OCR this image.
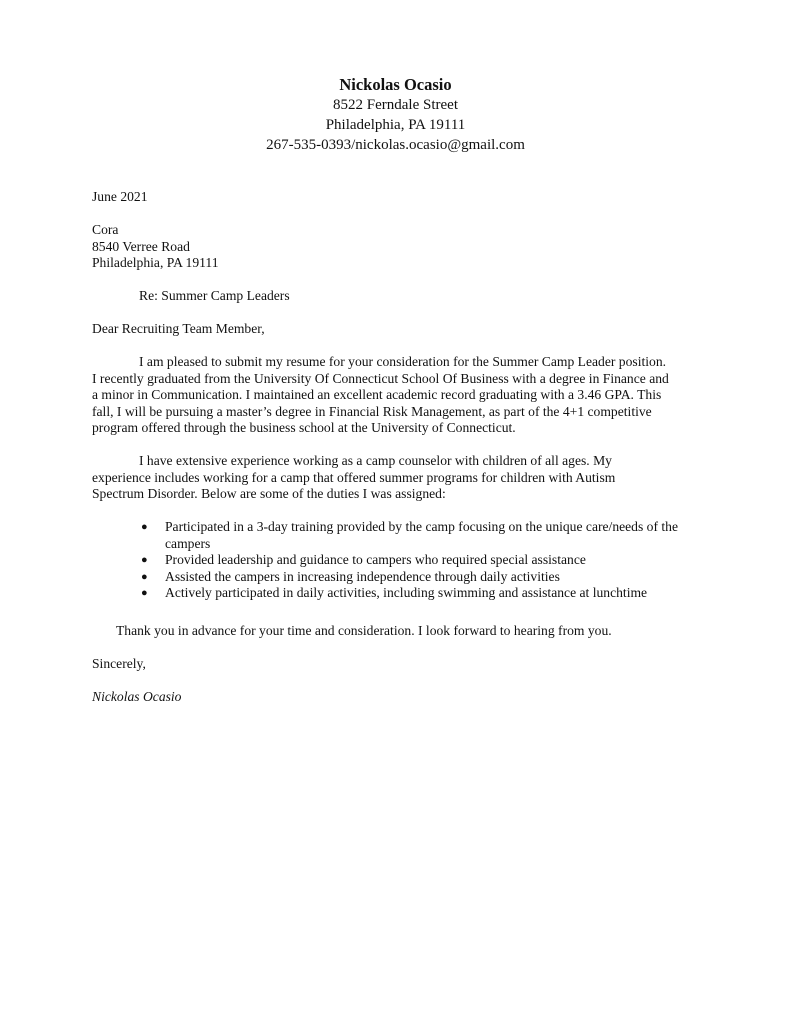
Nickolas Ocasio
8522 Ferndale Street
Philadelphia, PA 19111
267-535-0393/nickolas.ocasio@gmail.com
June 2021
Cora
8540 Verree Road
Philadelphia, PA 19111
Re: Summer Camp Leaders
Dear Recruiting Team Member,
I am pleased to submit my resume for your consideration for the Summer Camp Leader position.
I recently graduated from the University Of Connecticut School Of Business with a degree in Finance and
a minor in Communication. I maintained an excellent academic record graduating with a 3.46 GPA. This
fall, I will be pursuing a master’s degree in Financial Risk Management, as part of the 4+1 competitive
program offered through the business school at the University of Connecticut.
I have extensive experience working as a camp counselor with children of all ages. My
experience includes working for a camp that offered summer programs for children with Autism
Spectrum Disorder. Below are some of the duties I was assigned:
● Participated in a 3-day training provided by the camp focusing on the unique care/needs of the campers
● Provided leadership and guidance to campers who required special assistance
● Assisted the campers in increasing independence through daily activities
● Actively participated in daily activities, including swimming and assistance at lunchtime
Thank you in advance for your time and consideration. I look forward to hearing from you.
Sincerely,
Nickolas Ocasio
